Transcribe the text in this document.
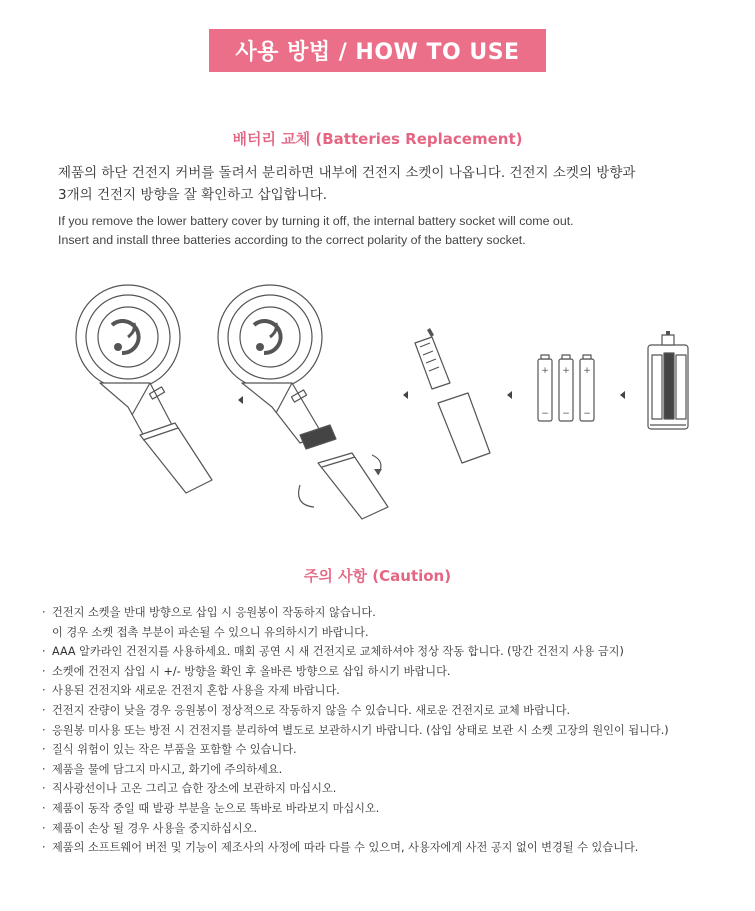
사용 방법 / HOW TO USE
배터리 교체 (Batteries Replacement)
제품의 하단 건전지 커버를 돌려서 분리하면 내부에 건전지 소켓이 나옵니다. 건전지 소켓의 방향과
3개의 건전지 방향을 잘 확인하고 삽입합니다.
If you remove the lower battery cover by turning it off, the internal battery socket will come out.
Insert and install three batteries according to the correct polarity of the battery socket.
+
−
+
−
+
−
주의 사항 (Caution)
· 건전지 소켓을 반대 방향으로 삽입 시 응원봉이 작동하지 않습니다.
이 경우 소켓 접촉 부분이 파손될 수 있으니 유의하시기 바랍니다.
· AAA 알카라인 건전지를 사용하세요. 매회 공연 시 새 건전지로 교체하셔야 정상 작동 합니다. (망간 건전지 사용 금지)
· 소켓에 건전지 삽입 시 +/- 방향을 확인 후 올바른 방향으로 삽입 하시기 바랍니다.
· 사용된 건전지와 새로운 건전지 혼합 사용을 자제 바랍니다.
· 건전지 잔량이 낮을 경우 응원봉이 정상적으로 작동하지 않을 수 있습니다. 새로운 건전지로 교체 바랍니다.
· 응원봉 미사용 또는 방전 시 건전지를 분리하여 별도로 보관하시기 바랍니다. (삽입 상태로 보관 시 소켓 고장의 원인이 됩니다.)
· 질식 위험이 있는 작은 부품을 포함할 수 있습니다.
· 제품을 물에 담그지 마시고, 화기에 주의하세요.
· 직사광선이나 고온 그리고 습한 장소에 보관하지 마십시오.
· 제품이 동작 중일 때 발광 부분을 눈으로 똑바로 바라보지 마십시오.
· 제품이 손상 될 경우 사용을 중지하십시오.
· 제품의 소프트웨어 버전 및 기능이 제조사의 사정에 따라 다를 수 있으며, 사용자에게 사전 공지 없이 변경될 수 있습니다.
